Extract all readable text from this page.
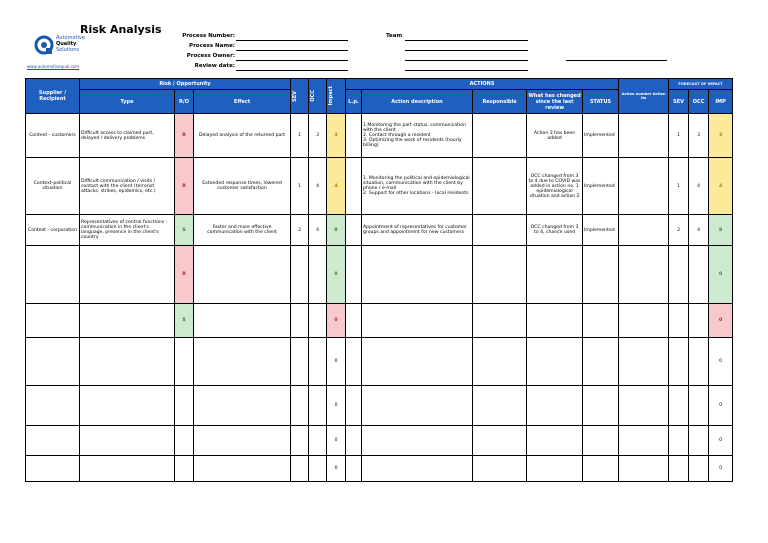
Risk Analysis
Automotive
Quality
Solutions
www.automotivequal.com
Process Number:
Process Name:
Process Owner:
Review date:
Team
Supplier / Recipient	Risk / Opportunity			SEV	OCC	Impact	ACTIONS					Action number Action No	FORECAST OF IMPACT		
	Type	R/O	Effect				L.p.	Action description	Responsible	What has changed since the last review	STATUS		SEV	OCC	IMP
Context - customers	Difficult access to claimed part, delayed / delivery problems	R	Delayed analysis of the returned part	1	3	3		1.Monitoring the part status, communication with the client
2. Contact through a resident
3. Optimizing the work of residents (hourly billing)		Action 3 has been added	Implemented		1	3	3
Context-political situation	Difficult communication / visits / contact with the client (terrorist attacks, strikes, epidemics, etc.)	R	Extended response times, lowered customer satisfaction	1	4	4		1. Monitoring the political and epidemiological situation, communication with the client by phone / e-mail
2. Support for other locations - local residents		OCC changed from 3 to 4 due to COVID was added in action no. 1 epidemiological situation and action 2	Implemented		1	4	4
Context - corporation	Representatives of central functions - communication in the client's language, presence in the client's country	S	Faster and more effective communication with the client	2	4	8		Appointment of representatives for customer groups and appointment for new customers		OCC changed from 3 to 4, chance used	Implemented		2	4	8
		R				0									0
		S				0									0
						0									0
						0									0
						0									0
						0									0
